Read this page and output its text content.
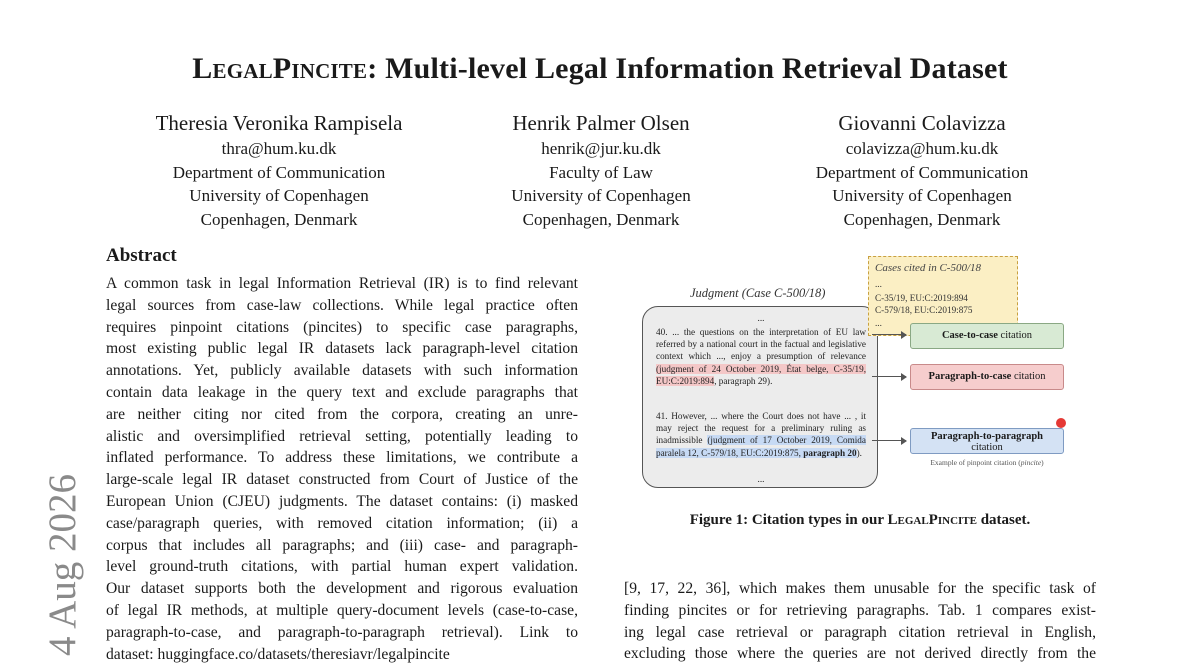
LegalPincite: Multi-level Legal Information Retrieval Dataset
Theresia Veronika Rampisela
thra@hum.ku.dk
Department of Communication
University of Copenhagen
Copenhagen, Denmark
Henrik Palmer Olsen
henrik@jur.ku.dk
Faculty of Law
University of Copenhagen
Copenhagen, Denmark
Giovanni Colavizza
colavizza@hum.ku.dk
Department of Communication
University of Copenhagen
Copenhagen, Denmark
4 Aug 2026
Abstract
A common task in legal Information Retrieval (IR) is to find relevant
legal sources from case-law collections. While legal practice often
requires pinpoint citations (pincites) to specific case paragraphs,
most existing public legal IR datasets lack paragraph-level citation
annotations. Yet, publicly available datasets with such information
contain data leakage in the query text and exclude paragraphs that
are neither citing nor cited from the corpora, creating an unre-
alistic and oversimplified retrieval setting, potentially leading to
inflated performance. To address these limitations, we contribute a
large-scale legal IR dataset constructed from Court of Justice of the
European Union (CJEU) judgments. The dataset contains: (i) masked
case/paragraph queries, with removed citation information; (ii) a
corpus that includes all paragraphs; and (iii) case- and paragraph-
level ground-truth citations, with partial human expert validation.
Our dataset supports both the development and rigorous evaluation
of legal IR methods, at multiple query-document levels (case-to-case,
paragraph-to-case, and paragraph-to-paragraph retrieval). Link to
dataset: huggingface.co/datasets/theresiavr/legalpincite
Judgment (Case C-500/18)
...
40. ... the questions on the interpretation of EU law referred by a national court in the factual and legislative context which ..., enjoy a presumption of relevance (judgment of 24 October 2019, État belge, C-35/19, EU:C:2019:894, paragraph 29).
41. However, ... where the Court does not have ... , it may reject the request for a preliminary ruling as inadmissible (judgment of 17 October 2019, Comida paralela 12, C-579/18, EU:C:2019:875, paragraph 20).
...
Cases cited in C-500/18
...
C-35/19, EU:C:2019:894
C-579/18, EU:C:2019:875
...
Case-to-case citation
Paragraph-to-case citation
Paragraph-to-paragraph
citation
Example of pinpoint citation (pincite)
Figure 1: Citation types in our LegalPincite dataset.
[9, 17, 22, 36], which makes them unusable for the specific task of
finding pincites or for retrieving paragraphs. Tab. 1 compares exist-
ing legal case retrieval or paragraph citation retrieval in English,
excluding those where the queries are not derived directly from the
